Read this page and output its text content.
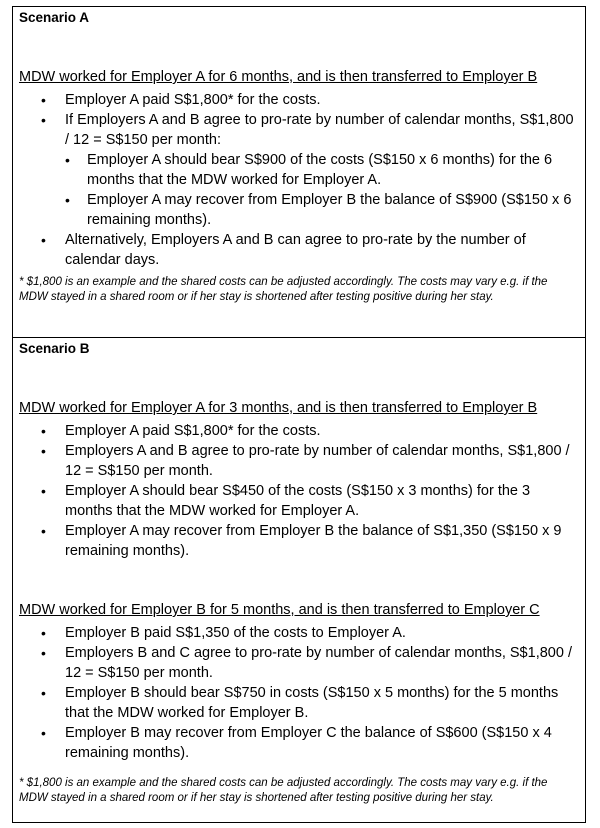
Scenario A

MDW worked for Employer A for 6 months, and is then transferred to Employer B

• Employer A paid S$1,800* for the costs.
• If Employers A and B agree to pro-rate by number of calendar months, S$1,800 / 12 = S$150 per month:
• Employer A should bear S$900 of the costs (S$150 x 6 months) for the 6 months that the MDW worked for Employer A.
• Employer A may recover from Employer B the balance of S$900 (S$150 x 6 remaining months).
• Alternatively, Employers A and B can agree to pro-rate by the number of calendar days.

* $1,800 is an example and the shared costs can be adjusted accordingly. The costs may vary e.g. if the MDW stayed in a shared room or if her stay is shortened after testing positive during her stay.

Scenario B

MDW worked for Employer A for 3 months, and is then transferred to Employer B

• Employer A paid S$1,800* for the costs.
• Employers A and B agree to pro-rate by number of calendar months, S$1,800 / 12 = S$150 per month.
• Employer A should bear S$450 of the costs (S$150 x 3 months) for the 3 months that the MDW worked for Employer A.
• Employer A may recover from Employer B the balance of S$1,350 (S$150 x 9 remaining months).

MDW worked for Employer B for 5 months, and is then transferred to Employer C

• Employer B paid S$1,350 of the costs to Employer A.
• Employers B and C agree to pro-rate by number of calendar months, S$1,800 / 12 = S$150 per month.
• Employer B should bear S$750 in costs (S$150 x 5 months) for the 5 months that the MDW worked for Employer B.
• Employer B may recover from Employer C the balance of S$600 (S$150 x 4 remaining months).

* $1,800 is an example and the shared costs can be adjusted accordingly. The costs may vary e.g. if the MDW stayed in a shared room or if her stay is shortened after testing positive during her stay.
